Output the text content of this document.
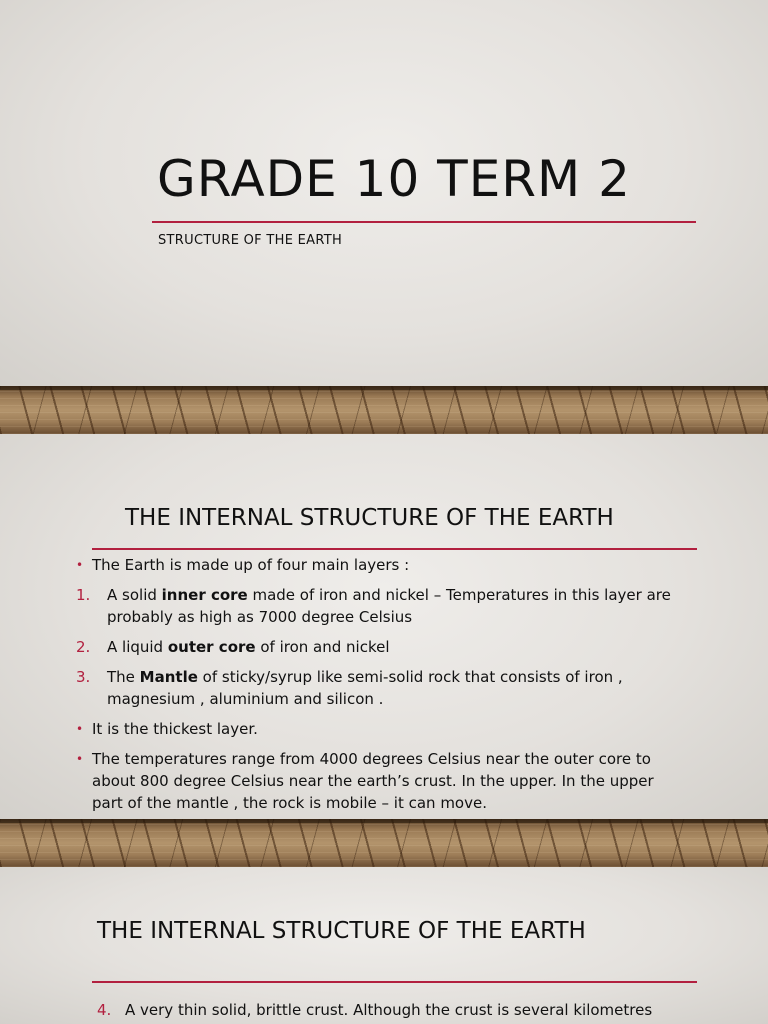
GRADE 10 TERM 2
STRUCTURE OF THE EARTH
THE INTERNAL STRUCTURE OF THE EARTH
• The Earth is made up of four main layers :
1. A solid inner core made of iron and nickel – Temperatures in this layer are probably as high as 7000 degree Celsius
2. A liquid outer core of iron and nickel
3. The Mantle of sticky/syrup like semi-solid rock that consists of iron , magnesium , aluminium and silicon .
• It is the thickest layer.
• The temperatures range from 4000 degrees Celsius near the outer core to about 800 degree Celsius near the earth’s crust. In the upper. In the upper part of the mantle , the rock is mobile – it can move.
THE INTERNAL STRUCTURE OF THE EARTH
4. A very thin solid, brittle crust. Although the crust is several kilometres
